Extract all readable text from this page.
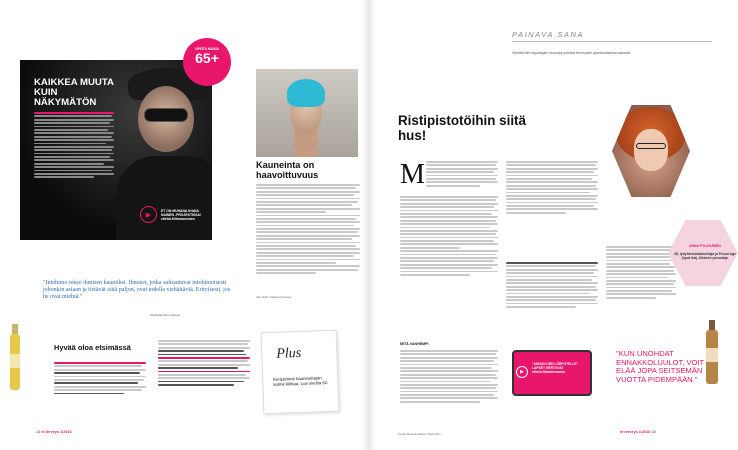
KAIKKEA MUUTA KUIN NÄKYMÄTÖN
▶
ET ON MUHANA IHANA NAINEN -PROJEKTISSA! etlehti.fi/ihananeinen
UPEITA NAISIA
65+
Kauneinta on haavoittuvuus
Alec Soth: Gathered Leaves.
"Intohimo tekee ihmisen kauniiksi. Ihmiset, jotka suhtautuvat intohimoisesti johonkin asiaan ja tietävät siitä paljon, ovat todella viehättäviä. Erityisesti, jos he ovat miehiä."
Näyttelijä Meryl Streep
Hyvää oloa etsimässä	Plus
Keräsimme kauneustajan kolme kikkaa. Lue sivulta 82.
14 et terveys 1/2016
PAINAVA SANA
Vierailevien kirjoittajien suorasa puhetta terveyden ajankohtaisista asioista.
Ristipistotöihin siitä hus!
M
MITÄ VANHEMPI
ANNA PYLKKÄNEN
38, työyhteisövalmentaja ja Proud Age (hyvä ikä) -liikkeen perustaja.
▶
"ANNAN HÄN LÖRPOTELLE" LAPSET KERTOVAT etlehti.fi/tastenvanha
"KUN UNOHDAT ENNAKKOLUULOT, VOIT ELÄÄ JOPA SEITSEMÄN VUOTTA PIDEMPÄÄN."
Kuvat Sanoma-arkisto / Sami Kero	et terveys 1/2016 15
